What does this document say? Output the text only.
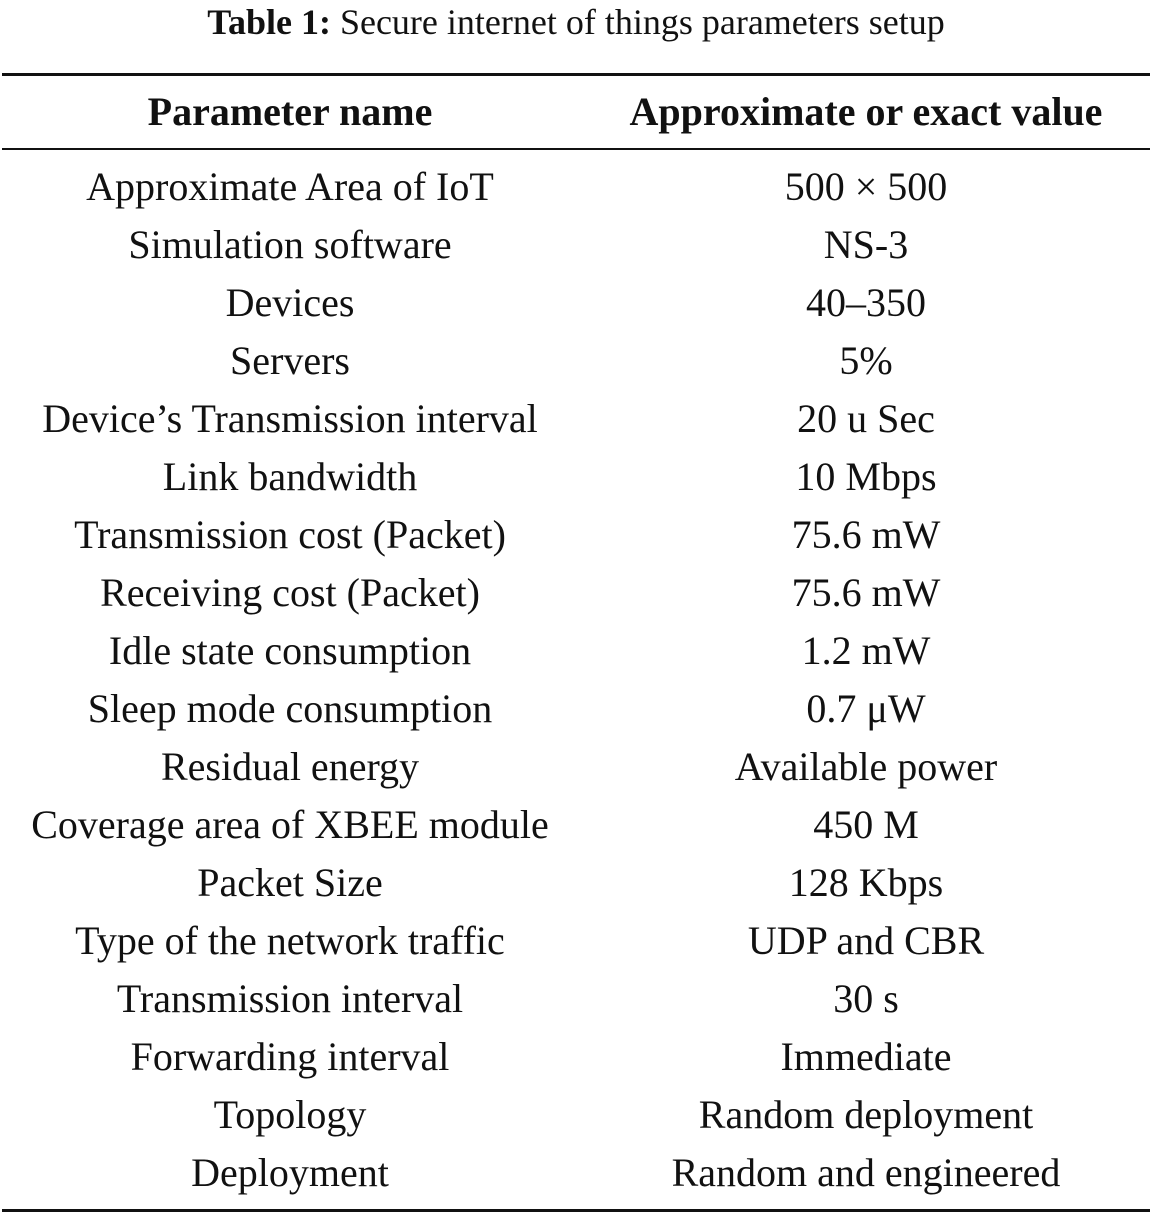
Table 1: Secure internet of things parameters setup
Parameter name	Approximate or exact value
Approximate Area of IoT	500 × 500
Simulation software	NS-3
Devices	40–350
Servers	5%
Device’s Transmission interval	20 u Sec
Link bandwidth	10 Mbps
Transmission cost (Packet)	75.6 mW
Receiving cost (Packet)	75.6 mW
Idle state consumption	1.2 mW
Sleep mode consumption	0.7 μW
Residual energy	Available power
Coverage area of XBEE module	450 M
Packet Size	128 Kbps
Type of the network traffic	UDP and CBR
Transmission interval	30 s
Forwarding interval	Immediate
Topology	Random deployment
Deployment	Random and engineered
